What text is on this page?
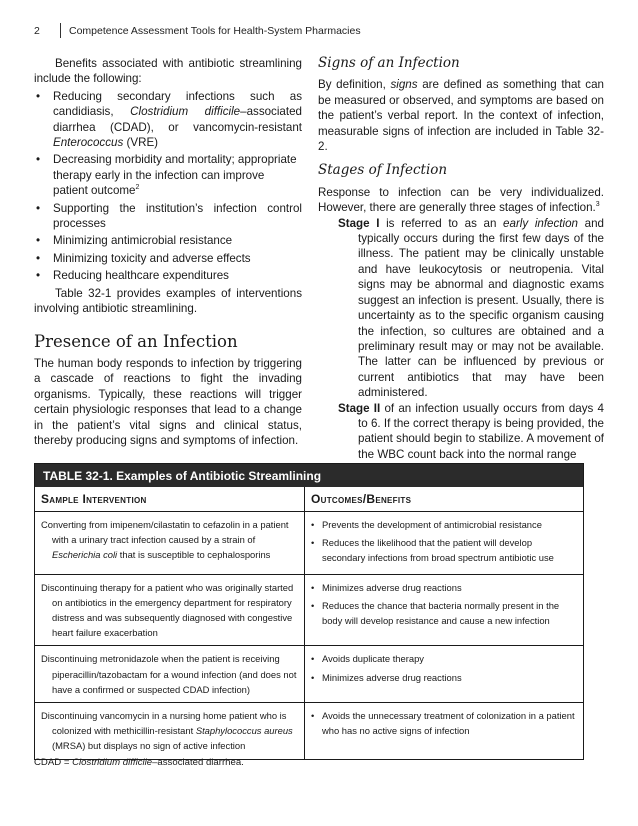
2	Competence Assessment Tools for Health-System Pharmacies

Benefits associated with antibiotic streamlining include the following:

• Reducing secondary infections such as candidiasis, Clostridium difficile–associated diarrhea (CDAD), or vancomycin-resistant Enterococcus (VRE)
• Decreasing morbidity and mortality; appropriate therapy early in the infection can improve patient outcome$^2$
• Supporting the institution’s infection control processes
• Minimizing antimicrobial resistance
• Minimizing toxicity and adverse effects
• Reducing healthcare expenditures

Table 32-1 provides examples of interventions involving antibiotic streamlining.

Presence of an Infection

The human body responds to infection by triggering a cascade of reactions to fight the invading organisms. Typically, these reactions will trigger certain physiologic responses that lead to a change in the patient’s vital signs and clinical status, thereby producing signs and symptoms of infection.

Signs of an Infection

By definition, signs are defined as something that can be measured or observed, and symptoms are based on the patient’s verbal report. In the context of infection, measurable signs of infection are included in Table 32-2.

Stages of Infection

Response to infection can be very individualized. However, there are generally three stages of infection.$^3$

Stage I is referred to as an early infection and typically occurs during the first few days of the illness. The patient may be clinically unstable and have leukocytosis or neutropenia. Vital signs may be abnormal and diagnostic exams suggest an infection is present. Usually, there is uncertainty as to the specific organism causing the infection, so cultures are obtained and a preliminary result may or may not be available. The latter can be influenced by previous or current antibiotics that may have been administered.

Stage II of an infection usually occurs from days 4 to 6. If the correct therapy is being provided, the patient should begin to stabilize. A movement of the WBC count back into the normal range

TABLE 32-1. Examples of Antibiotic Streamlining
Sample Intervention	Outcomes/Benefits
Converting from imipenem/cilastatin to cefazolin in a patient with a urinary tract infection caused by a strain of Escherichia coli that is susceptible to cephalosporins
• Prevents the development of antimicrobial resistance
• Reduces the likelihood that the patient will develop secondary infections from broad spectrum antibiotic use
Discontinuing therapy for a patient who was originally started on antibiotics in the emergency department for respiratory distress and was subsequently diagnosed with congestive heart failure exacerbation
• Minimizes adverse drug reactions
• Reduces the chance that bacteria normally present in the body will develop resistance and cause a new infection
Discontinuing metronidazole when the patient is receiving piperacillin/tazobactam for a wound infection (and does not have a confirmed or suspected CDAD infection)
• Avoids duplicate therapy
• Minimizes adverse drug reactions
Discontinuing vancomycin in a nursing home patient who is colonized with methicillin-resistant Staphylococcus aureus (MRSA) but displays no sign of active infection
• Avoids the unnecessary treatment of colonization in a patient who has no active signs of infection
CDAD = Clostridium difficile–associated diarrhea.
